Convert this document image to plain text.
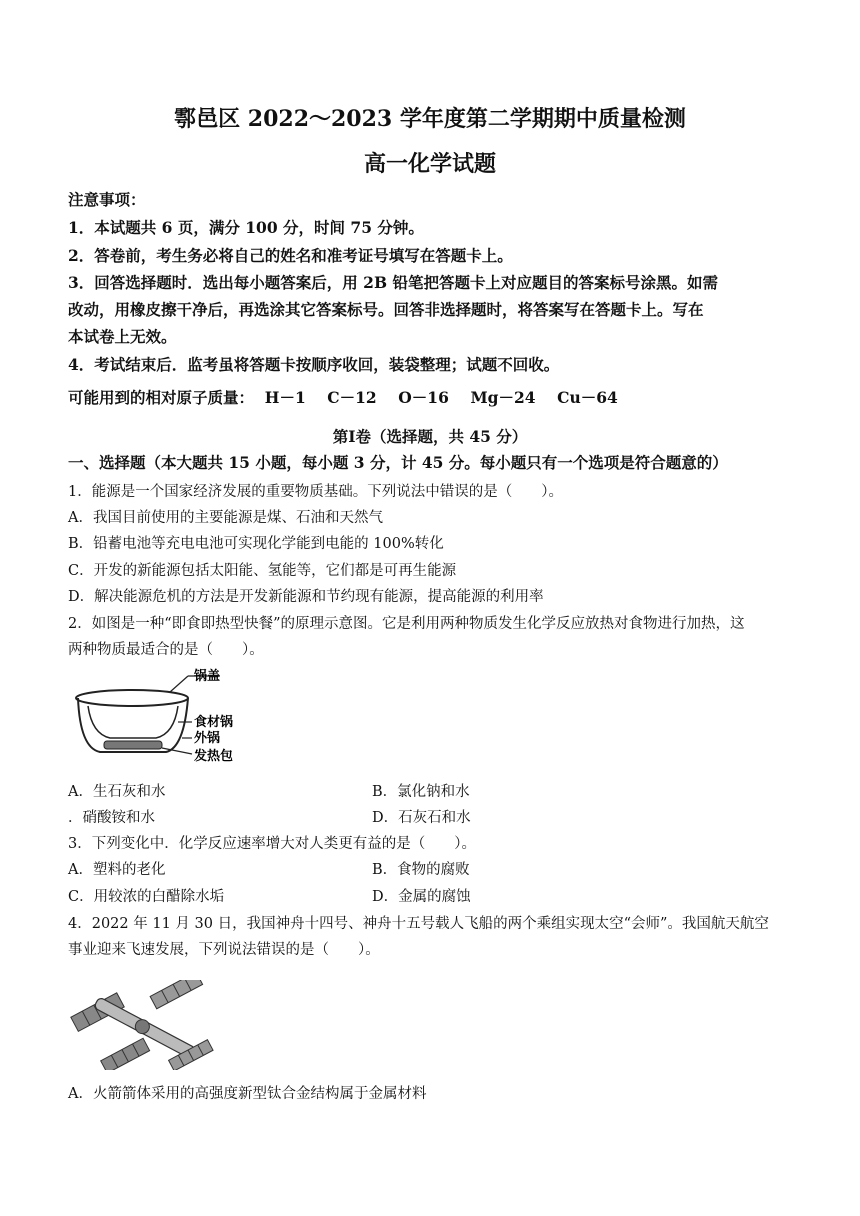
鄠邑区 2022～2023 学年度第二学期期中质量检测
高一化学试题
注意事项：
1．本试题共 6 页，满分 100 分，时间 75 分钟。
2．答卷前，考生务必将自己的姓名和准考证号填写在答题卡上。
3．回答选择题时．选出每小题答案后，用 2B 铅笔把答题卡上对应题目的答案标号涂黑。如需
改动，用橡皮擦干净后，再选涂其它答案标号。回答非选择题时，将答案写在答题卡上。写在
本试卷上无效。
4．考试结束后．监考虽将答题卡按顺序收回，装袋整理；试题不回收。
可能用到的相对原子质量：  H－1    C－12    O－16    Mg－24    Cu－64
第Ⅰ卷（选择题，共 45 分）
一、选择题（本大题共 15 小题，每小题 3 分，计 45 分。每小题只有一个选项是符合题意的）
1．能源是一个国家经济发展的重要物质基础。下列说法中错误的是（　　）。
A．我国目前使用的主要能源是煤、石油和天然气
B．铅蓄电池等充电电池可实现化学能到电能的 100%转化
C．开发的新能源包括太阳能、氢能等，它们都是可再生能源
D．解决能源危机的方法是开发新能源和节约现有能源，提高能源的利用率
2．如图是一种“即食即热型快餐”的原理示意图。它是利用两种物质发生化学反应放热对食物进行加热，这
两种物质最适合的是（　　）。
锅盖
食材锅
外锅
发热包
A．生石灰和水	B．氯化钠和水
．硝酸铵和水	D．石灰石和水
3．下列变化中．化学反应速率增大对人类更有益的是（　　）。
A．塑料的老化	B．食物的腐败
C．用较浓的白醋除水垢	D．金属的腐蚀
4．2022 年 11 月 30 日，我国神舟十四号、神舟十五号载人飞船的两个乘组实现太空“会师”。我国航天航空
事业迎来飞速发展，下列说法错误的是（　　）。
A．火箭箭体采用的高强度新型钛合金结构属于金属材料
